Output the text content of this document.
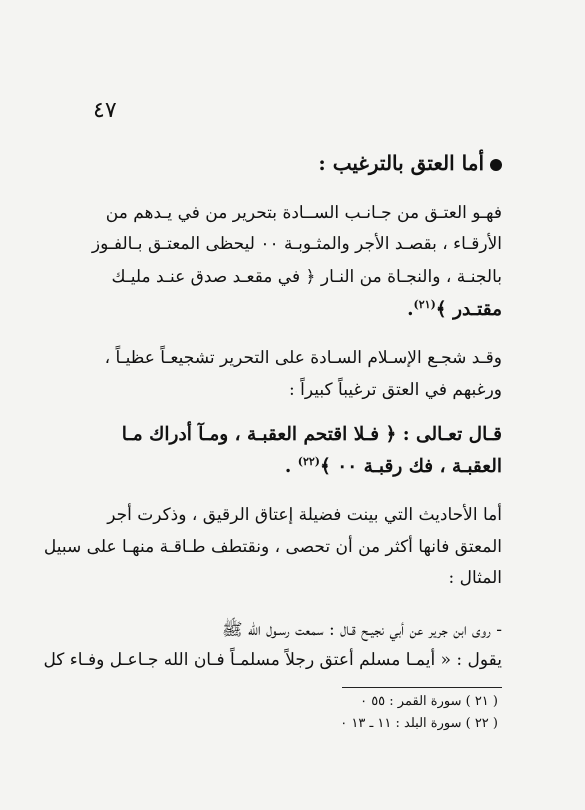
٤٧
أما العتق بالترغيب :
فهـو العتـق من جـانـب الســادة بتحرير من في يـدهم من
الأرقـاء ، بقصـد الأجر والمثـوبـة ٠٠ ليحظى المعتـق بـالفـوز
بالجنـة ، والنجـاة من النـار ﴿ في مقعـد صدق عنـد مليـك
مقتـدر ﴾$^{(٢١)}$.
وقـد شجـع الإسـلام السـادة على التحرير تشجيعـاً عظيـاً ،
ورغبهم في العتق ترغيباً كبيراً :
قـال تعـالى : ﴿ فـلا اقتحم العقبـة ، ومـآ أدراك مـا
العقبـة ، فك رقبـة ٠٠ ﴾$^{(٢٢)}$ .
أما الأحاديث التي بينت فضيلة إعتاق الرقيق ، وذكرت أجر
المعتق فانها أكثر من أن تحصى ، ونقتطف طـاقـة منهـا على سبيل
المثال :
- روى ابن جرير عن أبي نجيـح قـال : سمعت رسـول الله ﷺ
يقول : « أيمـا مسلم أعتق رجلاً مسلمـاً فـان الله جـاعـل وفـاء كل
( ٢١ ) سورة القمر : ٥٥ ٠
( ٢٢ ) سورة البلد : ١١ ـ ١٣ ٠
